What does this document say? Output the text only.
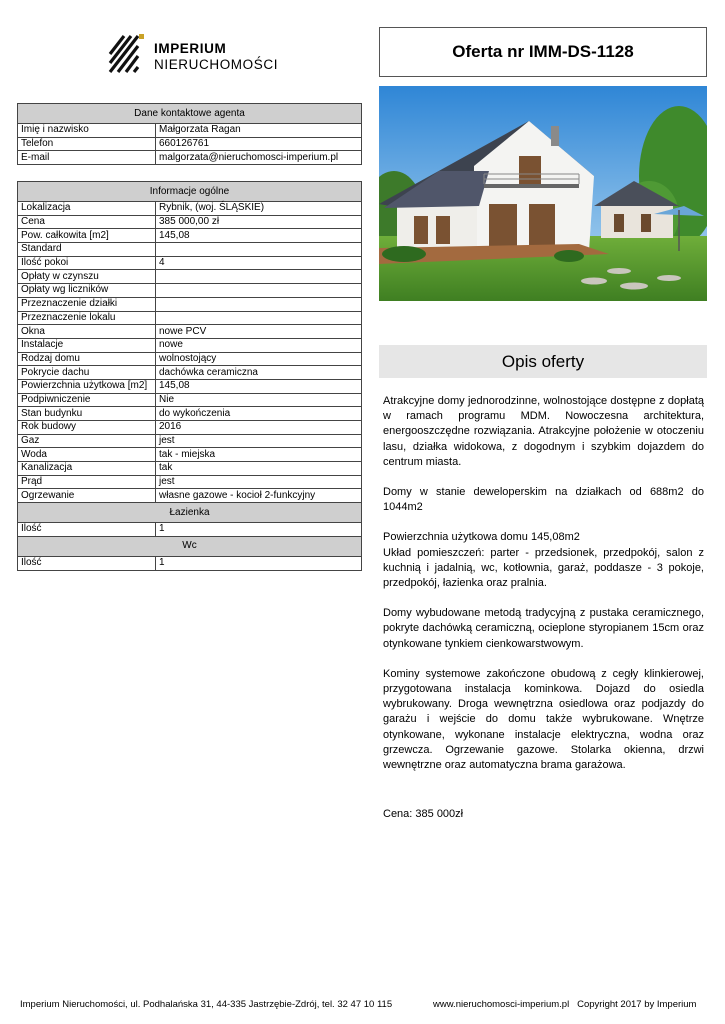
IMPERIUM
NIERUCHOMOŚCI
Oferta nr IMM-DS-1128
Dane kontaktowe agenta	
Imię i nazwisko	Małgorzata Ragan
Telefon	660126761
E-mail	malgorzata@nieruchomosci-imperium.pl
Informacje ogólne	
Lokalizacja	Rybnik, (woj. ŚLĄSKIE)
Cena	385 000,00 zł
Pow. całkowita [m2]	145,08
Standard	
Ilość pokoi	4
Opłaty w czynszu	
Opłaty wg liczników	
Przeznaczenie działki	
Przeznaczenie lokalu	
Okna	nowe PCV
Instalacje	nowe
Rodzaj domu	wolnostojący
Pokrycie dachu	dachówka ceramiczna
Powierzchnia użytkowa [m2]	145,08
Podpiwniczenie	Nie
Stan budynku	do wykończenia
Rok budowy	2016
Gaz	jest
Woda	tak - miejska
Kanalizacja	tak
Prąd	jest
Ogrzewanie	własne gazowe - kocioł 2-funkcyjny
Łazienka	
Ilość	1
Wc	
Ilość	1
Opis oferty

Atrakcyjne domy jednorodzinne, wolnostojące dostępne z dopłatą w ramach programu MDM. Nowoczesna architektura, energooszczędne rozwiązania. Atrakcyjne położenie w otoczeniu lasu, działka widokowa, z dogodnym i szybkim dojazdem do centrum miasta.

Domy w stanie deweloperskim na działkach od 688m2 do 1044m2

Powierzchnia użytkowa domu 145,08m2

Układ pomieszczeń: parter - przedsionek, przedpokój, salon z kuchnią i jadalnią, wc, kotłownia, garaż, poddasze - 3 pokoje, przedpokój, łazienka oraz pralnia.

Domy wybudowane metodą tradycyjną z pustaka ceramicznego, pokryte dachówką ceramiczną, ocieplone styropianem 15cm oraz otynkowane tynkiem cienkowarstwowym.

Kominy systemowe zakończone obudową z cegły klinkierowej, przygotowana instalacja kominkowa. Dojazd do osiedla wybrukowany. Droga wewnętrzna osiedlowa oraz podjazdy do garażu i wejście do domu także wybrukowane. Wnętrze otynkowane, wykonane instalacje elektryczna, wodna oraz grzewcza. Ogrzewanie gazowe. Stolarka okienna, drzwi wewnętrzne oraz automatyczna brama garażowa.

Cena: 385 000zł

Imperium Nieruchomości, ul. Podhalańska 31, 44-335 Jastrzębie-Zdrój, tel. 32 47 10 115	www.nieruchomosci-imperium.pl   Copyright 2017 by Imperium
